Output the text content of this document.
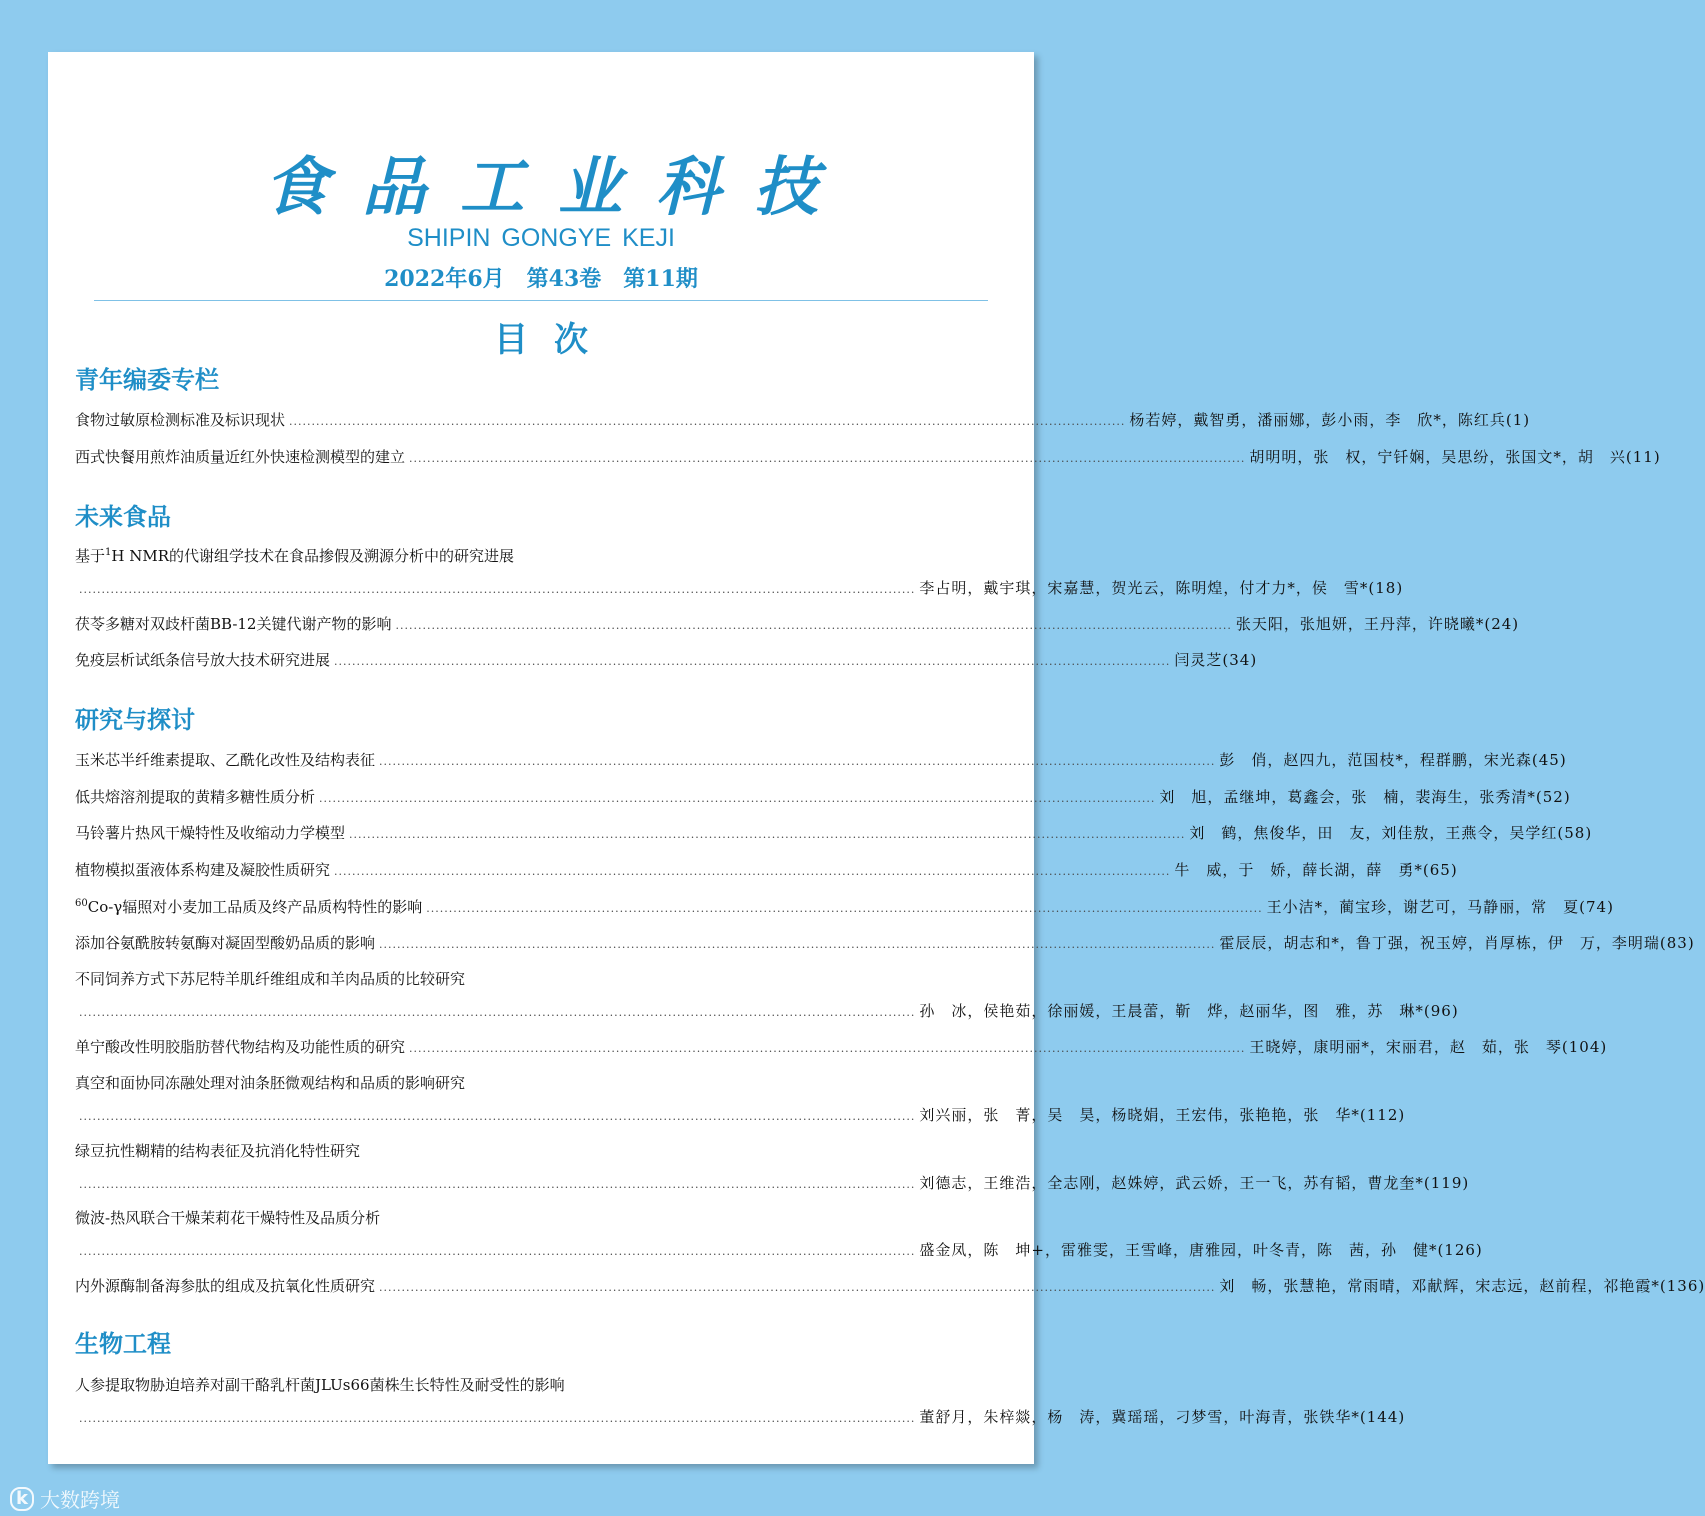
食品工业科技
SHIPIN GONGYE KEJI
2022年6月　第43卷　第11期
目次
青年编委专栏
食物过敏原检测标准及标识现状 .......................................................................................................................................................................................... 杨若婷，戴智勇，潘丽娜，彭小雨，李　欣*，陈红兵(1)
西式快餐用煎炸油质量近红外快速检测模型的建立 .......................................................................................................................................................................................... 胡明明，张　权，宁钎娴，吴思纷，张国文*，胡　兴(11)
未来食品
基于$^1$H NMR的代谢组学技术在食品掺假及溯源分析中的研究进展
.......................................................................................................................................................................................... 李占明，戴宇琪，宋嘉慧，贺光云，陈明煌，付才力*，侯　雪*(18)
茯苓多糖对双歧杆菌BB-12关键代谢产物的影响 .......................................................................................................................................................................................... 张天阳，张旭妍，王丹萍，许晓曦*(24)
免疫层析试纸条信号放大技术研究进展 .......................................................................................................................................................................................... 闫灵芝(34)
研究与探讨
玉米芯半纤维素提取、乙酰化改性及结构表征 .......................................................................................................................................................................................... 彭　俏，赵四九，范国枝*，程群鹏，宋光森(45)
低共熔溶剂提取的黄精多糖性质分析 .......................................................................................................................................................................................... 刘　旭，孟继坤，葛鑫会，张　楠，裴海生，张秀清*(52)
马铃薯片热风干燥特性及收缩动力学模型 .......................................................................................................................................................................................... 刘　鹤，焦俊华，田　友，刘佳敖，王燕令，吴学红(58)
植物模拟蛋液体系构建及凝胶性质研究 .......................................................................................................................................................................................... 牛　威，于　娇，薛长湖，薛　勇*(65)
$^{60}$Co-γ辐照对小麦加工品质及终产品质构特性的影响 .......................................................................................................................................................................................... 王小洁*，蔺宝珍，谢艺可，马静丽，常　夏(74)
添加谷氨酰胺转氨酶对凝固型酸奶品质的影响 .......................................................................................................................................................................................... 霍辰辰，胡志和*，鲁丁强，祝玉婷，肖厚栋，伊　万，李明瑞(83)
不同饲养方式下苏尼特羊肌纤维组成和羊肉品质的比较研究
.......................................................................................................................................................................................... 孙　冰，侯艳茹，徐丽媛，王晨蕾，靳　烨，赵丽华，图　雅，苏　琳*(96)
单宁酸改性明胶脂肪替代物结构及功能性质的研究 .......................................................................................................................................................................................... 王晓婷，康明丽*，宋丽君，赵　茹，张　琴(104)
真空和面协同冻融处理对油条胚微观结构和品质的影响研究
.......................................................................................................................................................................................... 刘兴丽，张　菁，吴　昊，杨晓娟，王宏伟，张艳艳，张　华*(112)
绿豆抗性糊精的结构表征及抗消化特性研究
.......................................................................................................................................................................................... 刘德志，王维浩，全志刚，赵姝婷，武云娇，王一飞，苏有韬，曹龙奎*(119)
微波-热风联合干燥茉莉花干燥特性及品质分析
.......................................................................................................................................................................................... 盛金凤，陈　坤+，雷雅雯，王雪峰，唐雅园，叶冬青，陈　茜，孙　健*(126)
内外源酶制备海参肽的组成及抗氧化性质研究 .......................................................................................................................................................................................... 刘　畅，张慧艳，常雨晴，邓献辉，宋志远，赵前程，祁艳霞*(136)
生物工程
人参提取物胁迫培养对副干酪乳杆菌JLUs66菌株生长特性及耐受性的影响
.......................................................................................................................................................................................... 董舒月，朱梓燚，杨　涛，冀瑶瑶，刁梦雪，叶海青，张铁华*(144)
k 大数跨境
